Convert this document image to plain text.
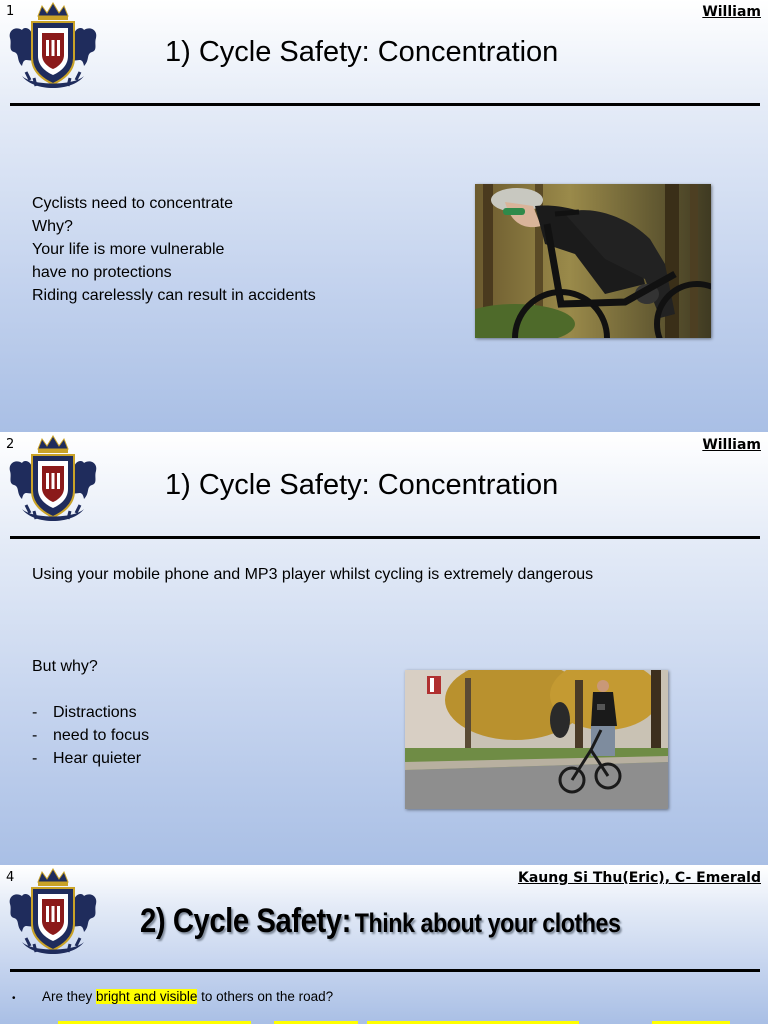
1	William
1) Cycle Safety: Concentration
Cyclists need to concentrate
Why?
Your life is more vulnerable
have no protections
Riding carelessly can result in accidents
2	William
1) Cycle Safety: Concentration
Using your mobile phone and MP3 player whilst cycling is extremely dangerous
But why?
- Distractions
- need to focus
- Hear quieter
4	Kaung Si Thu(Eric), C- Emerald
2) Cycle Safety: Think about your clothes
• Are they bright and visible to others on the road?
